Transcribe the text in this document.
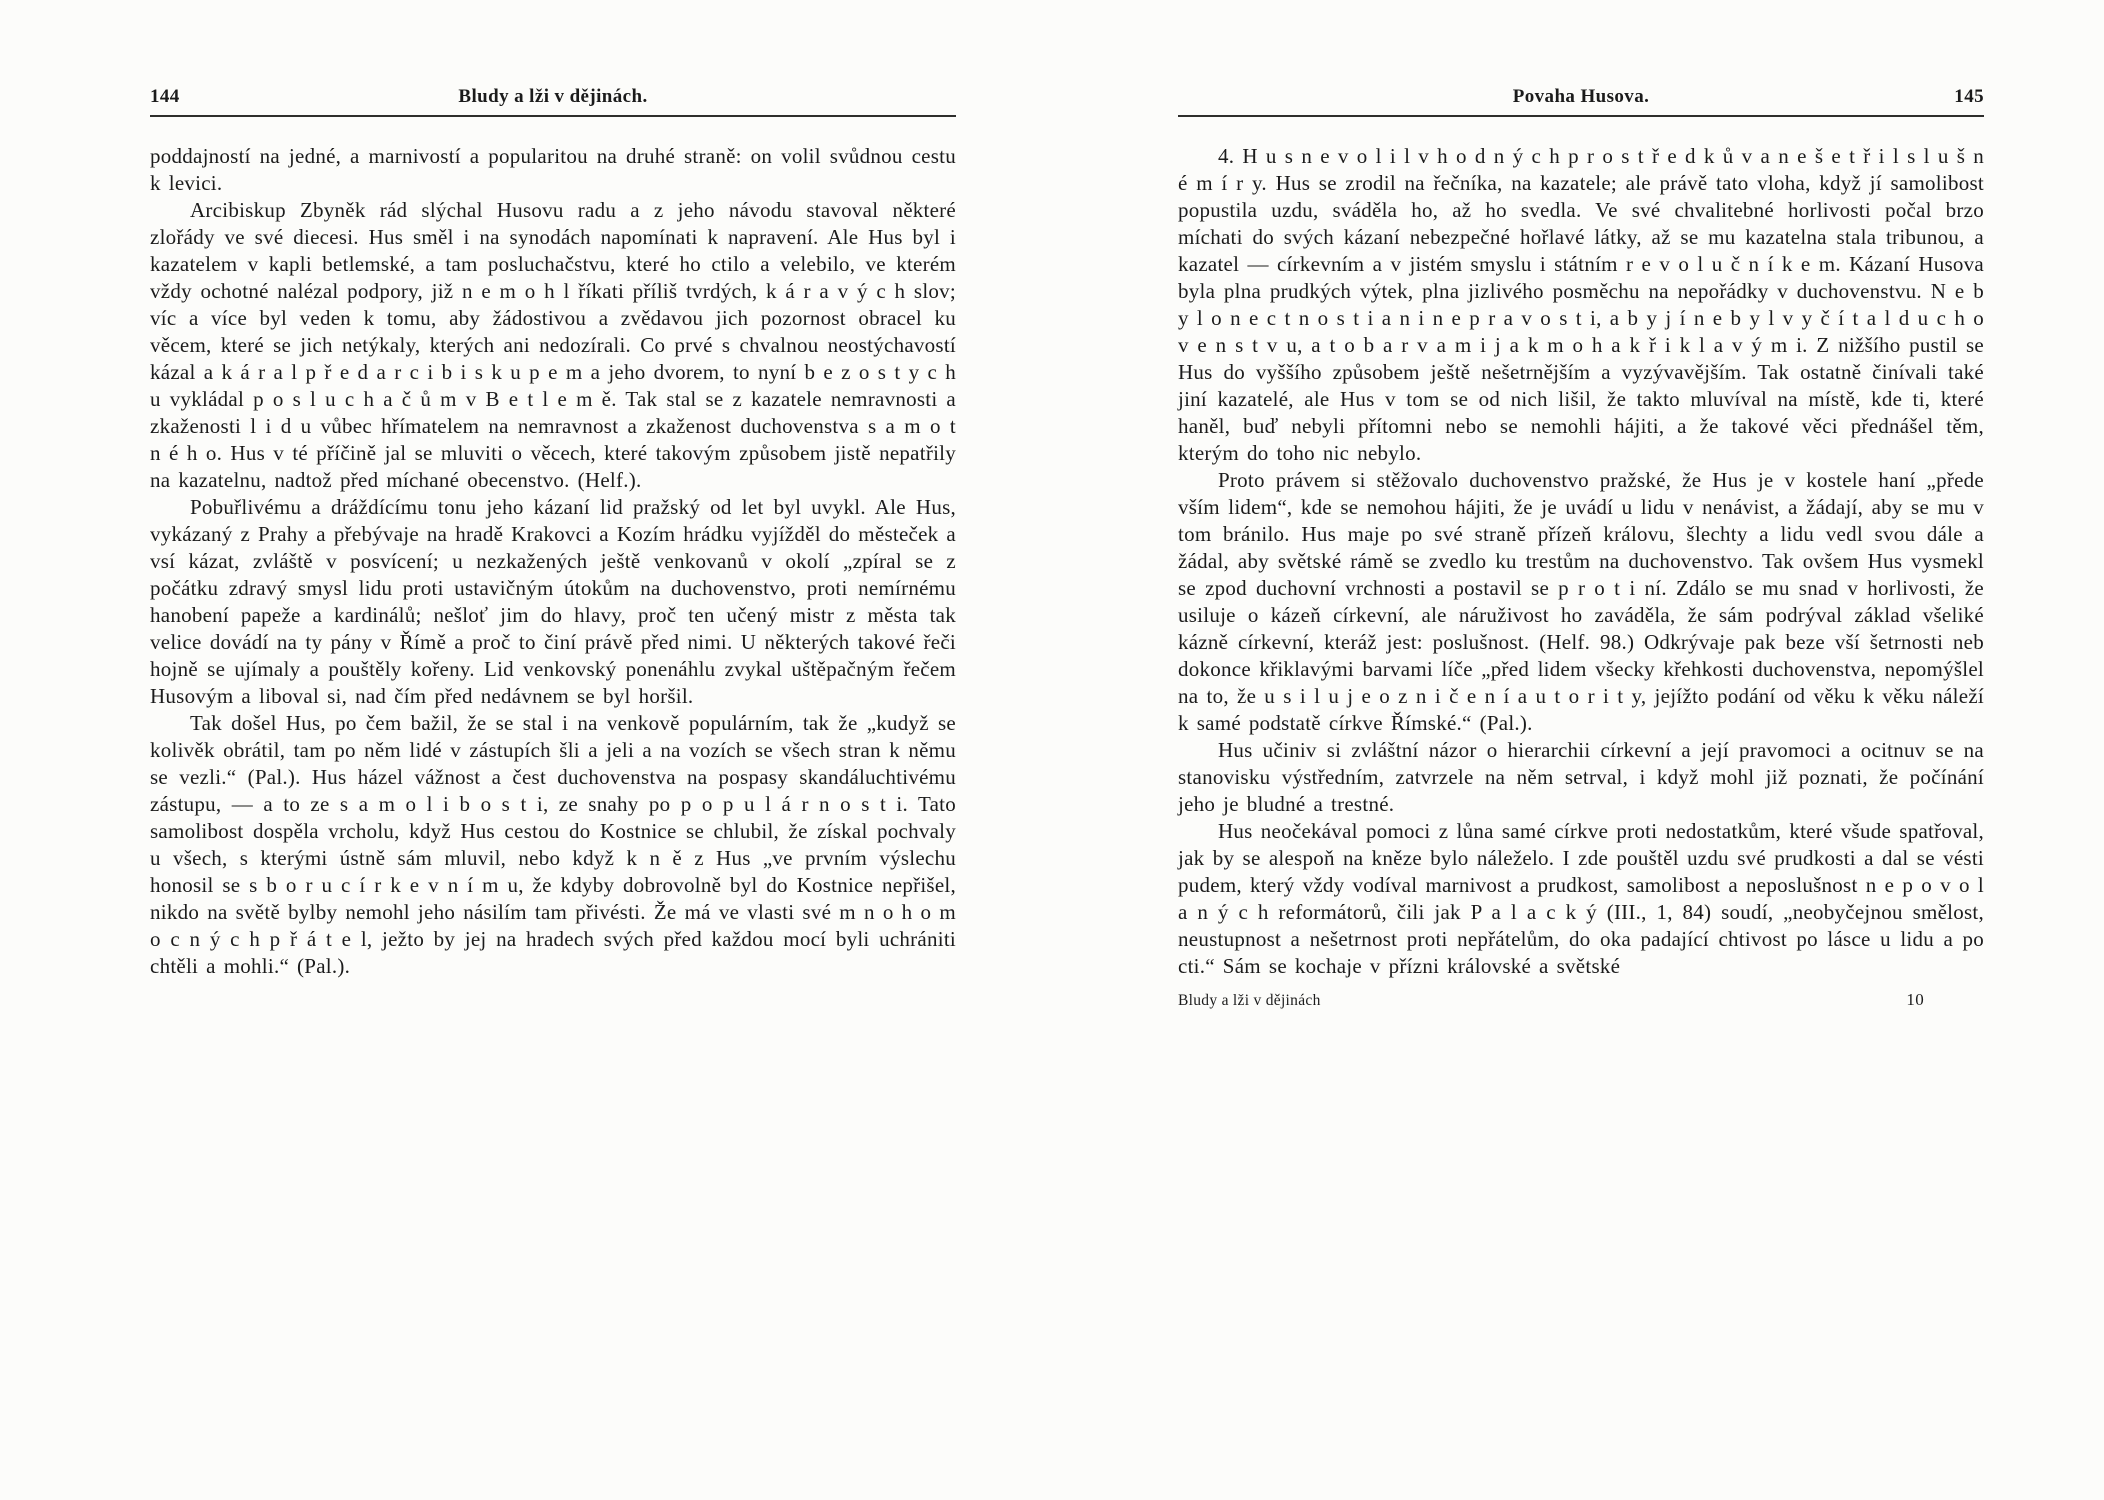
144	Bludy a lži v dějinách.

poddajností na jedné, a marnivostí a popularitou na druhé straně: on volil svůdnou cestu k levici.

Arcibiskup Zbyněk rád slýchal Husovu radu a z jeho návodu stavoval některé zlořády ve své diecesi. Hus směl i na synodách napomínati k napravení. Ale Hus byl i kazatelem v kapli betlemské, a tam posluchačstvu, které ho ctilo a velebilo, ve kterém vždy ochotné nalézal podpory, již n e m o h l říkati příliš tvrdých, k á r a v ý c h slov; víc a více byl veden k tomu, aby žádostivou a zvědavou jich pozornost obracel ku věcem, které se jich netýkaly, kterých ani nedozírali. Co prvé s chvalnou neostýchavostí kázal a k á r a l p ř e d a r c i b i s k u p e m a jeho dvorem, to nyní b e z o s t y c h u vykládal p o s l u c h a č ů m v B e t l e m ě. Tak stal se z kazatele nemravnosti a zkaženosti l i d u vůbec hřímatelem na nemravnost a zkaženost duchovenstva s a m o t n é h o. Hus v té příčině jal se mluviti o věcech, které takovým způsobem jistě nepatřily na kazatelnu, nadtož před míchané obecenstvo. (Helf.).

Pobuřlivému a dráždícímu tonu jeho kázaní lid pražský od let byl uvykl. Ale Hus, vykázaný z Prahy a přebývaje na hradě Krakovci a Kozím hrádku vyjížděl do městeček a vsí kázat, zvláště v posvícení; u nezkažených ještě venkovanů v okolí „zpíral se z počátku zdravý smysl lidu proti ustavičným útokům na duchovenstvo, proti nemírnému hanobení papeže a kardinálů; nešloť jim do hlavy, proč ten učený mistr z města tak velice dovádí na ty pány v Římě a proč to činí právě před nimi. U některých takové řeči hojně se ujímaly a pouštěly kořeny. Lid venkovský ponenáhlu zvykal uštěpačným řečem Husovým a liboval si, nad čím před nedávnem se byl horšil.

Tak došel Hus, po čem bažil, že se stal i na venkově populárním, tak že „kudyž se kolivěk obrátil, tam po něm lidé v zástupích šli a jeli a na vozích se všech stran k němu se vezli.“ (Pal.). Hus házel vážnost a čest duchovenstva na pospasy skandáluchtivému zástupu, — a to ze s a m o l i b o s t i, ze snahy po p o p u l á r n o s t i. Tato samolibost dospěla vrcholu, když Hus cestou do Kostnice se chlubil, že získal pochvaly u všech, s kterými ústně sám mluvil, nebo když k n ě z Hus „ve prvním výslechu honosil se s b o r u c í r k e v n í m u, že kdyby dobrovolně byl do Kostnice nepřišel, nikdo na světě bylby nemohl jeho násilím tam přivésti. Že má ve vlasti své m n o h o m o c n ý c h p ř á t e l, ježto by jej na hradech svých před každou mocí byli uchrániti chtěli a mohli.“ (Pal.).

Povaha Husova.	145

4. H u s n e v o l i l v h o d n ý c h p r o s t ř e d k ů v a n e š e t ř i l s l u š n é m í r y. Hus se zrodil na řečníka, na kazatele; ale právě tato vloha, když jí samolibost popustila uzdu, sváděla ho, až ho svedla. Ve své chvalitebné horlivosti počal brzo míchati do svých kázaní nebezpečné hořlavé látky, až se mu kazatelna stala tribunou, a kazatel — církevním a v jistém smyslu i státním r e v o l u č n í k e m. Kázaní Husova byla plna prudkých výtek, plna jizlivého posměchu na nepořádky v duchovenstvu. N e b y l o n e c t n o s t i a n i n e p r a v o s t i, a b y j í n e b y l v y č í t a l d u c h o v e n s t v u, a t o b a r v a m i j a k m o h a k ř i k l a v ý m i. Z nižšího pustil se Hus do vyššího způsobem ještě nešetrnějším a vyzývavějším. Tak ostatně činívali také jiní kazatelé, ale Hus v tom se od nich lišil, že takto mluvíval na místě, kde ti, které haněl, buď nebyli přítomni nebo se nemohli hájiti, a že takové věci přednášel těm, kterým do toho nic nebylo.

Proto právem si stěžovalo duchovenstvo pražské, že Hus je v kostele haní „přede vším lidem“, kde se nemohou hájiti, že je uvádí u lidu v nenávist, a žádají, aby se mu v tom bránilo. Hus maje po své straně přízeň královu, šlechty a lidu vedl svou dále a žádal, aby světské rámě se zvedlo ku trestům na duchovenstvo. Tak ovšem Hus vysmekl se zpod duchovní vrchnosti a postavil se p r o t i ní. Zdálo se mu snad v horlivosti, že usiluje o kázeň církevní, ale náruživost ho zaváděla, že sám podrýval základ všeliké kázně církevní, kteráž jest: poslušnost. (Helf. 98.) Odkrývaje pak beze vší šetrnosti neb dokonce křiklavými barvami líče „před lidem všecky křehkosti duchovenstva, nepomýšlel na to, že u s i l u j e o z n i č e n í a u t o r i t y, jejížto podání od věku k věku náleží k samé podstatě církve Římské.“ (Pal.).

Hus učiniv si zvláštní názor o hierarchii církevní a její pravomoci a ocitnuv se na stanovisku výstředním, zatvrzele na něm setrval, i když mohl již poznati, že počínání jeho je bludné a trestné.

Hus neočekával pomoci z lůna samé církve proti nedostatkům, které všude spatřoval, jak by se alespoň na kněze bylo náleželo. I zde pouštěl uzdu své prudkosti a dal se vésti pudem, který vždy vodíval marnivost a prudkost, samolibost a neposlušnost n e p o v o l a n ý c h reformátorů, čili jak P a l a c k ý (III., 1, 84) soudí, „neobyčejnou smělost, neustupnost a nešetrnost proti nepřátelům, do oka padající chtivost po lásce u lidu a po cti.“ Sám se kochaje v přízni královské a světské

Bludy a lži v dějinách	10
